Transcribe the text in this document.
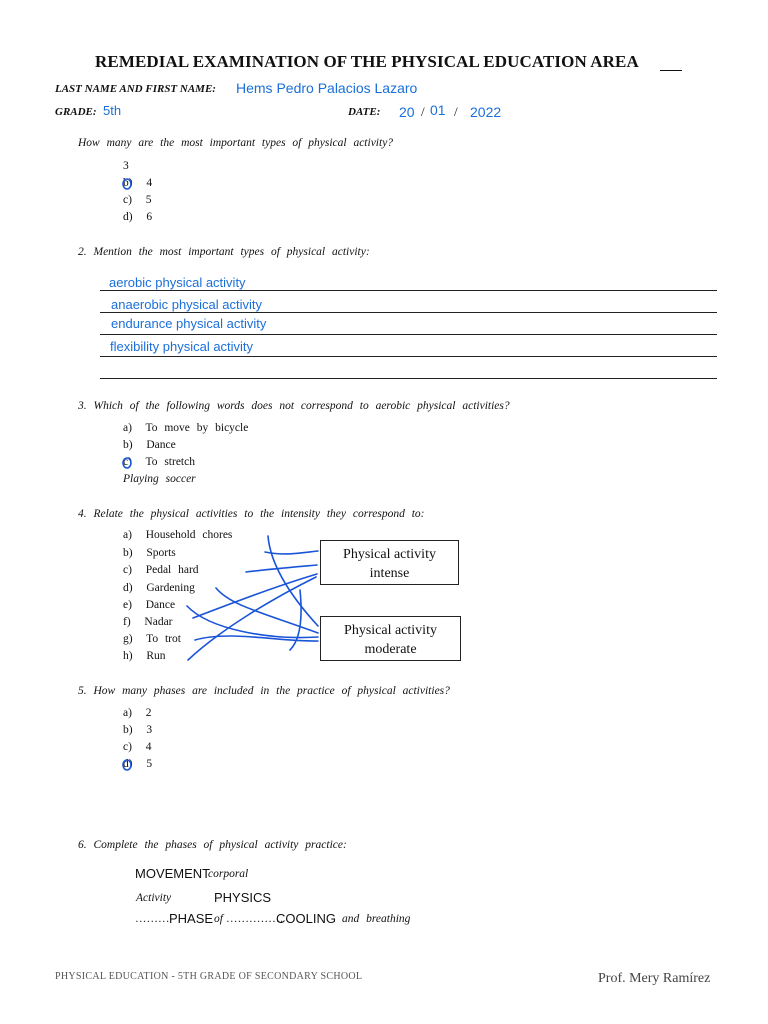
REMEDIAL EXAMINATION OF THE PHYSICAL EDUCATION AREA
LAST NAME AND FIRST NAME: Hems Pedro Palacios Lazaro
GRADE: 5th	DATE: 20 / 01 / 2022
How many are the most important types of physical activity?
3
b) 4
c) 5
d) 6
2. Mention the most important types of physical activity:
aerobic physical activity
anaerobic physical activity
endurance physical activity
flexibility physical activity
3. Which of the following words does not correspond to aerobic physical activities?
a) To move by bicycle
b) Dance
c) To stretch
Playing soccer
4. Relate the physical activities to the intensity they correspond to:
a) Household chores
b) Sports
c) Pedal hard
d) Gardening
e) Dance
f) Nadar
g) To trot
h) Run
Physical activity
intense
Physical activity
moderate
5. How many phases are included in the practice of physical activities?
a) 2
b) 3
c) 4
d) 5
6. Complete the phases of physical activity practice:
MOVEMENT
corporal
Activity	PHYSICS
……… PHASE of ……………
COOLING and breathing
PHYSICAL EDUCATION - 5TH GRADE OF SECONDARY SCHOOL	Prof. Mery Ramírez
